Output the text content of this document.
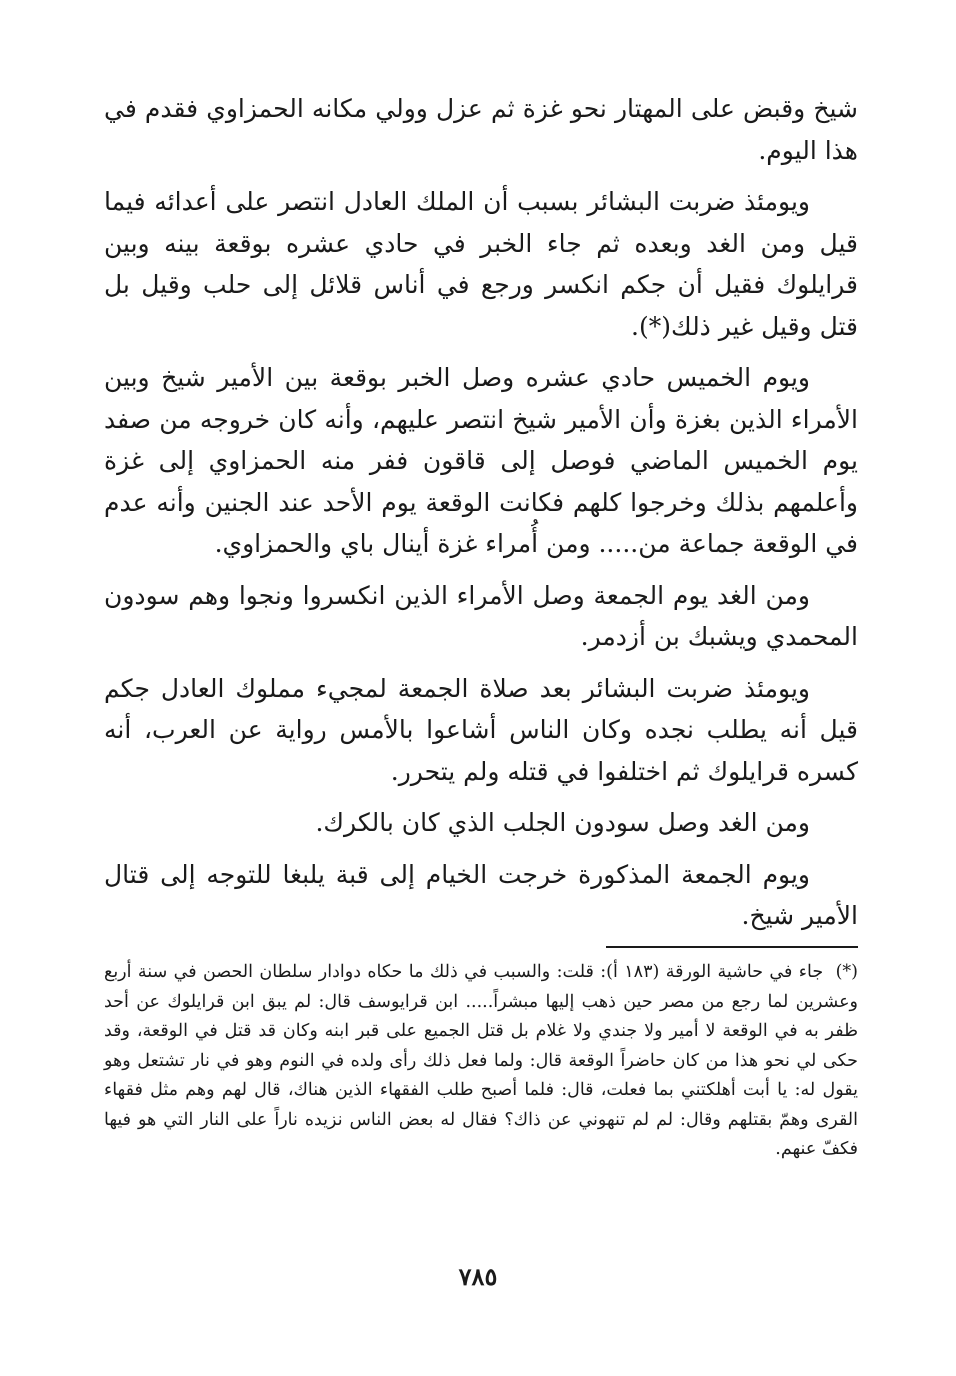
شيخ وقبض على المهتار نحو غزة ثم عزل وولي مكانه الحمزاوي فقدم في هذا اليوم.

ويومئذ ضربت البشائر بسبب أن الملك العادل انتصر على أعدائه فيما قيل ومن الغد وبعده ثم جاء الخبر في حادي عشره بوقعة بينه وبين قرايلوك فقيل أن جكم انكسر ورجع في أناس قلائل إلى حلب وقيل بل قتل وقيل غير ذلك(*).

ويوم الخميس حادي عشره وصل الخبر بوقعة بين الأمير شيخ وبين الأمراء الذين بغزة وأن الأمير شيخ انتصر عليهم، وأنه كان خروجه من صفد يوم الخميس الماضي فوصل إلى قاقون ففر منه الحمزاوي إلى غزة وأعلمهم بذلك وخرجوا كلهم فكانت الوقعة يوم الأحد عند الجنين وأنه عدم في الوقعة جماعة من..... ومن أُمراء غزة أينال باي والحمزاوي.

ومن الغد يوم الجمعة وصل الأمراء الذين انكسروا ونجوا وهم سودون المحمدي ويشبك بن أزدمر.

ويومئذ ضربت البشائر بعد صلاة الجمعة لمجيء مملوك العادل جكم قيل أنه يطلب نجده وكان الناس أشاعوا بالأمس رواية عن العرب، أنه كسره قرايلوك ثم اختلفوا في قتله ولم يتحرر.

ومن الغد وصل سودون الجلب الذي كان بالكرك.

ويوم الجمعة المذكورة خرجت الخيام إلى قبة يلبغا للتوجه إلى قتال الأمير شيخ.

(*) جاء في حاشية الورقة (١٨٣ أ): قلت: والسبب في ذلك ما حكاه دوادار سلطان الحصن في سنة أربع وعشرين لما رجع من مصر حين ذهب إليها مبشراً..... ابن قرايوسف قال: لم يبق ابن قرايلوك عن أحد ظفر به في الوقعة لا أمير ولا جندي ولا غلام بل قتل الجميع على قبر ابنه وكان قد قتل في الوقعة، وقد حكى لي نحو هذا من كان حاضراً الوقعة قال: ولما فعل ذلك رأى ولده في النوم وهو في نار تشتعل وهو يقول له: يا أبت أهلكتني بما فعلت، قال: فلما أصبح طلب الفقهاء الذين هناك، قال لهم وهم مثل فقهاء القرى وهمّ بقتلهم وقال: لم لم تنهوني عن ذاك؟ فقال له بعض الناس نزيده ناراً على النار التي هو فيها فكفّ عنهم.
٧٨٥
